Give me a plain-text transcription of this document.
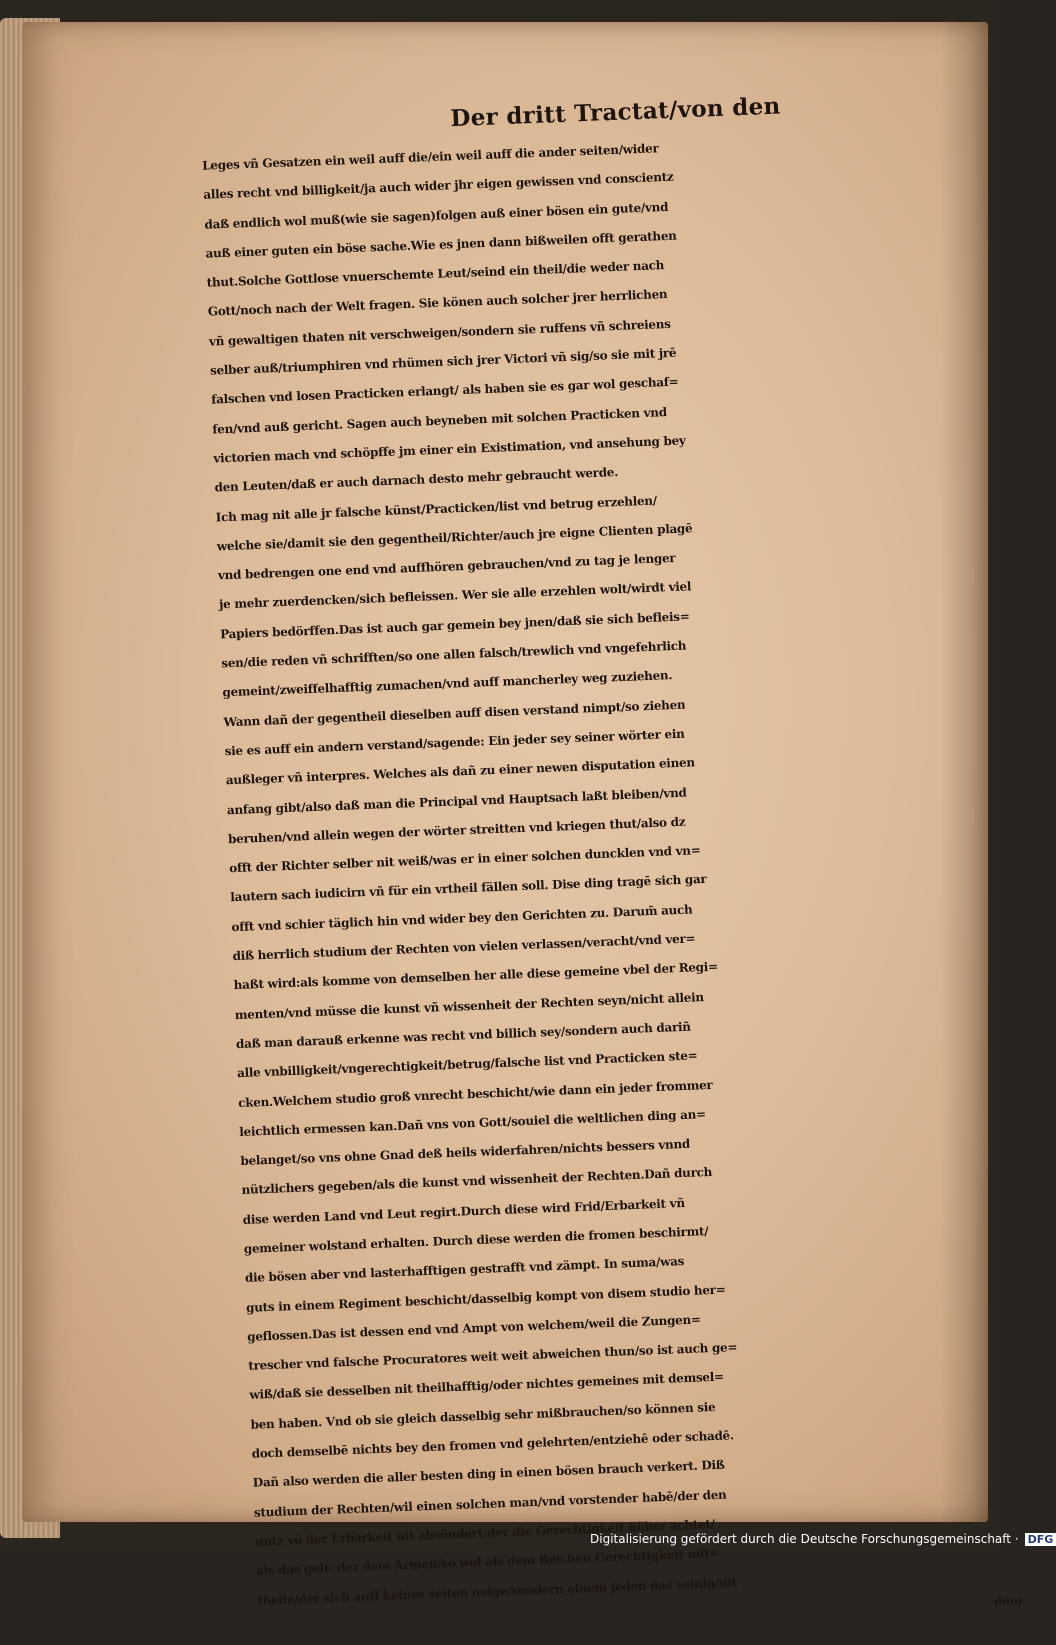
Der dritt Tractat/von den
Leges vñ Gesatzen ein weil auff die/ein weil auff die ander seiten/wider
alles recht vnd billigkeit/ja auch wider jhr eigen gewissen vnd conscientz
daß endlich wol muß(wie sie sagen)folgen auß einer bösen ein gute/vnd
auß einer guten ein böse sache.Wie es jnen dann bißweilen offt gerathen
thut.Solche Gottlose vnuerschemte Leut/seind ein theil/die weder nach
Gott/noch nach der Welt fragen. Sie könen auch solcher jrer herrlichen
vñ gewaltigen thaten nit verschweigen/sondern sie ruffens vñ schreiens
selber auß/triumphiren vnd rhümen sich jrer Victori vñ sig/so sie mit jrē
falschen vnd losen Practicken erlangt/ als haben sie es gar wol geschaf=
fen/vnd auß gericht. Sagen auch beyneben mit solchen Practicken vnd
victorien mach vnd schöpffe jm einer ein Existimation, vnd ansehung bey
den Leuten/daß er auch darnach desto mehr gebraucht werde.
Ich mag nit alle jr falsche künst/Practicken/list vnd betrug erzehlen/
welche sie/damit sie den gegentheil/Richter/auch jre eigne Clienten plagē
vnd bedrengen one end vnd auffhören gebrauchen/vnd zu tag je lenger
je mehr zuerdencken/sich befleissen. Wer sie alle erzehlen wolt/wirdt viel
Papiers bedörffen.Das ist auch gar gemein bey jnen/daß sie sich befleis=
sen/die reden vñ schrifften/so one allen falsch/trewlich vnd vngefehrlich
gemeint/zweiffelhafftig zumachen/vnd auff mancherley weg zuziehen.
Wann dañ der gegentheil dieselben auff disen verstand nimpt/so ziehen
sie es auff ein andern verstand/sagende: Ein jeder sey seiner wörter ein
außleger vñ interpres. Welches als dañ zu einer newen disputation einen
anfang gibt/also daß man die Principal vnd Hauptsach laßt bleiben/vnd
beruhen/vnd allein wegen der wörter streitten vnd kriegen thut/also dz
offt der Richter selber nit weiß/was er in einer solchen duncklen vnd vn=
lautern sach iudicirn vñ für ein vrtheil fällen soll. Dise ding tragē sich gar
offt vnd schier täglich hin vnd wider bey den Gerichten zu. Darum̃ auch
diß herrlich studium der Rechten von vielen verlassen/veracht/vnd ver=
haßt wird:als komme von demselben her alle diese gemeine vbel der Regi=
menten/vnd müsse die kunst vñ wissenheit der Rechten seyn/nicht allein
daß man darauß erkenne was recht vnd billich sey/sondern auch dariñ
alle vnbilligkeit/vngerechtigkeit/betrug/falsche list vnd Practicken ste=
cken.Welchem studio groß vnrecht beschicht/wie dann ein jeder frommer
leichtlich ermessen kan.Dañ vns von Gott/souiel die weltlichen ding an=
belanget/so vns ohne Gnad deß heils widerfahren/nichts bessers vnnd
nützlichers gegeben/als die kunst vnd wissenheit der Rechten.Dañ durch
dise werden Land vnd Leut regirt.Durch diese wird Frid/Erbarkeit vñ
gemeiner wolstand erhalten. Durch diese werden die fromen beschirmt/
die bösen aber vnd lasterhafftigen gestrafft vnd zämpt. In suma/was
guts in einem Regiment beschicht/dasselbig kompt von disem studio her=
geflossen.Das ist dessen end vnd Ampt von welchem/weil die Zungen=
trescher vnd falsche Procuratores weit weit abweichen thun/so ist auch ge=
wiß/daß sie desselben nit theilhafftig/oder nichtes gemeines mit demsel=
ben haben. Vnd ob sie gleich dasselbig sehr mißbrauchen/so können sie
doch demselbē nichts bey den fromen vnd gelehrten/entziehē oder schadē.
Dañ also werden die aller besten ding in einen bösen brauch verkert. Diß
studium der Rechten/wil einen solchen man/vnd vorstender habē/der den
nutz vō der Erbarkeit nit absöndert:der die Gerechtigkeit höher achtet/
als das gelt: der dem Armen/so wol als dem Reichen Gerechtigkeit mit=
theile/der sich auff keines seiten neige/sondern einem jeden das seinig/nit	dem
Digitalisierung gefördert durch die Deutsche Forschungsgemeinschaft · DFG
